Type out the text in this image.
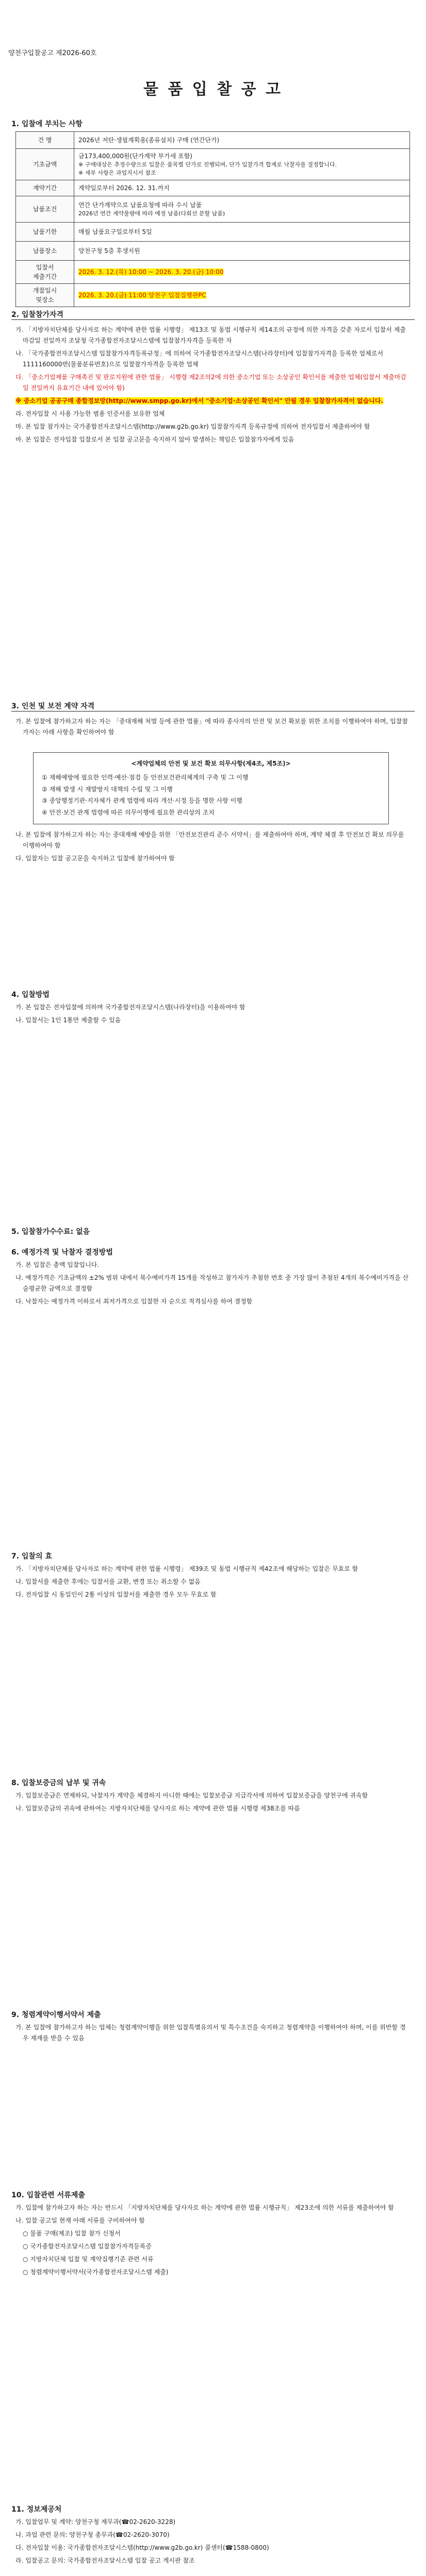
양천구입찰공고 제2026-60호
물 품 입 찰 공 고
1. 입찰에 부치는 사항
건 명	2026년 저탄·생필계획용(종류설치) 구매 (연간단가)
기초금액	금173,400,000원(단가계약 부가세 포함)
※ 구매대상은 추정수량으로 입찰은 품목별 단가로 진행되며, 단가 입찰가격 합계로 낙찰자를 결정합니다.
※ 세부 사항은 과업지시서 참조

계약기간	계약일로부터 2026. 12. 31.까지
납품조건	연간 단가계약으로 납품요청에 따라 수시 납품
2026년 연간 계약물량에 따라 예정 납품(다회선 분할 납품)

납품기한	매월 납품요구일로부터 5일
납품장소	양천구청 5층 후생지원
입찰서
제출기간	2026. 3. 12.(목) 10:00 ~ 2026. 3. 20.(금) 10:00
개찰일시
및장소	2026. 3. 20.(금) 11:00 양천구 입찰집행관PC
2. 입찰참가자격

가. 「지방자치단체를 당사자로 하는 계약에 관한 법률 시행령」 제13조 및 동법 시행규칙 제14조의 규정에 의한 자격을 갖춘 자로서 입찰서 제출 마감일 전일까지 조달청 국가종합전자조달시스템에 입찰참가자격을 등록한 자

나. 「국가종합전자조달시스템 입찰참가자격등록규정」에 의하여 국가종합전자조달시스템(나라장터)에 입찰참가자격을 등록한 업체로서 1111160000번(물품분류번호)으로 입찰참가자격을 등록한 업체

다. 「중소기업제품 구매촉진 및 판로지원에 관한 법률」 시행령 제2조의2에 의한 중소기업 또는 소상공인 확인서를 제출한 업체(입찰서 제출마감일 전일까지 유효기간 내에 있어야 함)

※ 중소기업 공공구매 종합정보망(http://www.smpp.go.kr)에서 "중소기업·소상공인 확인서" 안될 경우 입찰참가자격이 없습니다.

라. 전자입찰 시 사용 가능한 범용 인증서를 보유한 업체

마. 본 입찰 참가자는 국가종합전자조달시스템(http://www.g2b.go.kr) 입찰참가자격 등록규정에 의하여 전자입찰서 제출하여야 함

바. 본 입찰은 전자입찰 입찰로서 본 입찰 공고문을 숙지하지 않아 발생하는 책임은 입찰참가자에게 있음

3. 인천 및 보전 계약 자격

가. 본 입찰에 참가하고자 하는 자는 「중대재해 처벌 등에 관한 법률」에 따라 종사자의 안전 및 보건 확보를 위한 조치를 이행하여야 하며, 입찰참가자는 아래 사항을 확인하여야 함

<계약업체의 안전 및 보건 확보 의무사항(제4조, 제5조)>
① 재해예방에 필요한 인력·예산·점검 등 안전보건관리체계의 구축 및 그 이행
② 재해 발생 시 재발방지 대책의 수립 및 그 이행
③ 중앙행정기관·지자체가 관계 법령에 따라 개선·시정 등을 명한 사항 이행
④ 안전·보건 관계 법령에 따른 의무이행에 필요한 관리상의 조치

나. 본 입찰에 참가하고자 하는 자는 중대재해 예방을 위한 「안전보건관리 준수 서약서」를 제출하여야 하며, 계약 체결 후 안전보건 확보 의무를 이행하여야 함

다. 입찰자는 입찰 공고문을 숙지하고 입찰에 참가하여야 함

4. 입찰방법

가. 본 입찰은 전자입찰에 의하며 국가종합전자조달시스템(나라장터)을 이용하여야 함

나. 입찰서는 1인 1통만 제출할 수 있음

5. 입찰참가수수료: 없음
6. 예정가격 및 낙찰자 결정방법

가. 본 입찰은 총액 입찰입니다.

나. 예정가격은 기초금액의 ±2% 범위 내에서 복수예비가격 15개를 작성하고 참가자가 추첨한 번호 중 가장 많이 추첨된 4개의 복수예비가격을 산술평균한 금액으로 결정함

다. 낙찰자는 예정가격 이하로서 최저가격으로 입찰한 자 순으로 적격심사를 하여 결정함

7. 입찰의 효

가. 「지방자치단체를 당사자로 하는 계약에 관한 법률 시행령」 제39조 및 동법 시행규칙 제42조에 해당하는 입찰은 무효로 함

나. 입찰서를 제출한 후에는 입찰서를 교환, 변경 또는 취소할 수 없음

다. 전자입찰 시 동일인이 2통 이상의 입찰서를 제출한 경우 모두 무효로 함

8. 입찰보증금의 납부 및 귀속

가. 입찰보증금은 면제하되, 낙찰자가 계약을 체결하지 아니한 때에는 입찰보증금 지급각서에 의하여 입찰보증금을 양천구에 귀속함

나. 입찰보증금의 귀속에 관하여는 지방자치단체를 당사자로 하는 계약에 관한 법률 시행령 제38조를 따름

9. 청렴계약이행서약서 제출

가. 본 입찰에 참가하고자 하는 업체는 청렴계약이행을 위한 입찰특별유의서 및 특수조건을 숙지하고 청렴계약을 이행하여야 하며, 이를 위반할 경우 제재를 받을 수 있음

10. 입찰관련 서류제출

가. 입찰에 참가하고자 하는 자는 반드시 「지방자치단체를 당사자로 하는 계약에 관한 법률 시행규칙」 제23조에 의한 서류를 제출하여야 함

나. 입찰 공고일 현재 아래 서류를 구비하여야 함

○ 물품 구매(제조) 입찰 참가 신청서

○ 국가종합전자조달시스템 입찰참가자격등록증

○ 지방자치단체 입찰 및 계약집행기준 관련 서류

○ 청렴계약이행서약서(국가종합전자조달시스템 제출)

11. 정보제공처

가. 입찰업무 및 계약: 양천구청 재무과(☎02-2620-3228)

나. 과업 관련 문의: 양천구청 총무과(☎02-2620-3070)

다. 전자입찰 이용: 국가종합전자조달시스템(http://www.g2b.go.kr) 콜센터(☎1588-0800)

라. 입찰공고 문의: 국가종합전자조달시스템 입찰 공고 게시판 참조
